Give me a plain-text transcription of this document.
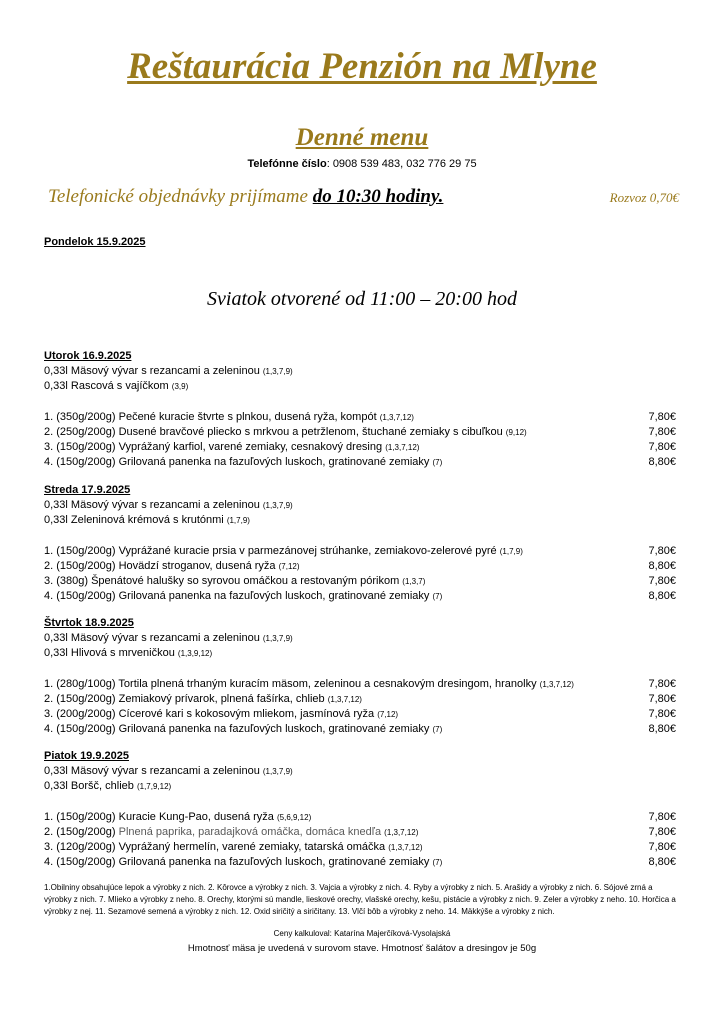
Reštaurácia Penzión na Mlyne
Denné menu
Telefónne číslo: 0908 539 483, 032 776 29 75
Telefonické objednávky prijímame do 10:30 hodiny.	Rozvoz 0,70€
Pondelok 15.9.2025
Sviatok otvorené od 11:00 – 20:00 hod
Utorok 16.9.2025
0,33l Mäsový vývar s rezancami a zeleninou (1,3,7,9)
0,33l Rascová s vajíčkom (3,9)
1. (350g/200g) Pečené kuracie štvrte s plnkou, dusená ryža, kompót (1,3,7,12)	7,80€
2. (250g/200g) Dusené bravčové pliecko s mrkvou a petržlenom, štuchané zemiaky s cibuľkou (9,12)	7,80€
3. (150g/200g) Vyprážaný karfiol, varené zemiaky, cesnakový dresing (1,3,7,12)	7,80€
4. (150g/200g) Grilovaná panenka na fazuľových luskoch, gratinované zemiaky (7)	8,80€
Streda 17.9.2025
0,33l Mäsový vývar s rezancami a zeleninou (1,3,7,9)
0,33l Zeleninová krémová s krutónmi (1,7,9)
1. (150g/200g) Vyprážané kuracie prsia v parmezánovej strúhanke, zemiakovo-zelerové pyré (1,7,9)	7,80€
2. (150g/200g) Hovädzí stroganov, dusená ryža (7,12)	8,80€
3. (380g) Špenátové halušky so syrovou omáčkou a restovaným pórikom (1,3,7)	7,80€
4. (150g/200g) Grilovaná panenka na fazuľových luskoch, gratinované zemiaky (7)	8,80€
Štvrtok 18.9.2025
0,33l Mäsový vývar s rezancami a zeleninou (1,3,7,9)
0,33l Hlivová s mrveničkou (1,3,9,12)
1. (280g/100g) Tortila plnená trhaným kuracím mäsom, zeleninou a cesnakovým dresingom, hranolky (1,3,7,12)	7,80€
2. (150g/200g) Zemiakový prívarok, plnená fašírka, chlieb (1,3,7,12)	7,80€
3. (200g/200g) Cícerové kari s kokosovým mliekom, jasmínová ryža (7,12)	7,80€
4. (150g/200g) Grilovaná panenka na fazuľových luskoch, gratinované zemiaky (7)	8,80€
Piatok 19.9.2025
0,33l Mäsový vývar s rezancami a zeleninou (1,3,7,9)
0,33l Boršč, chlieb (1,7,9,12)
1. (150g/200g) Kuracie Kung-Pao, dusená ryža (5,6,9,12)	7,80€
2. (150g/200g) Plnená paprika, paradajková omáčka, domáca knedľa (1,3,7,12)	7,80€
3. (120g/200g) Vyprážaný hermelín, varené zemiaky, tatarská omáčka (1,3,7,12)	7,80€
4. (150g/200g) Grilovaná panenka na fazuľových luskoch, gratinované zemiaky (7)	8,80€
1.Obilniny obsahujúce lepok a výrobky z nich. 2. Kôrovce a výrobky z nich. 3. Vajcia a výrobky z nich. 4. Ryby a výrobky z nich. 5. Arašidy a výrobky z nich. 6. Sójové zrná a výrobky z nich. 7. Mlieko a výrobky z neho. 8. Orechy, ktorými sú mandle, lieskové orechy, vlašské orechy, kešu, pistácie a výrobky z nich. 9. Zeler a výrobky z neho. 10. Horčica a výrobky z nej. 11. Sezamové semená a výrobky z nich. 12. Oxid siričitý a siričitany. 13. Vlčí bôb a výrobky z neho. 14. Mäkkýše a výrobky z nich.
Ceny kalkuloval: Katarína Majerčíková-Vysolajská
Hmotnosť mäsa je uvedená v surovom stave. Hmotnosť šalátov a dresingov je 50g
